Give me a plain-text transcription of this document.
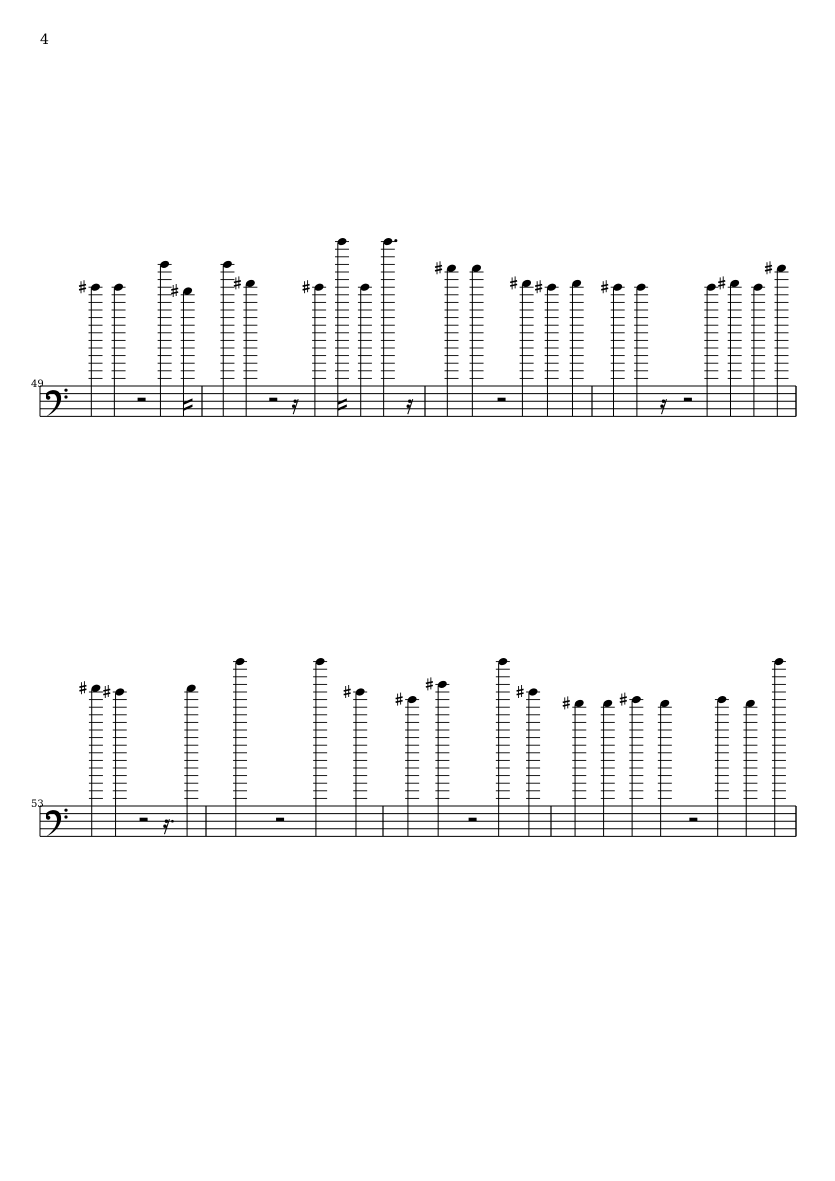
4
49
53
